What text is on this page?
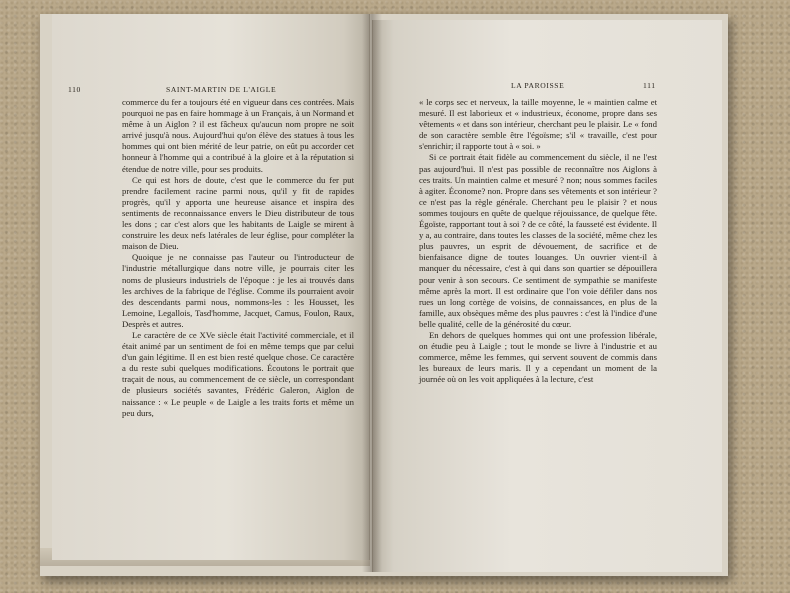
110	SAINT-MARTIN DE L'AIGLE

commerce du fer a toujours été en vigueur dans ces contrées. Mais pourquoi ne pas en faire hommage à un Français, à un Normand et même à un Aiglon ? il est fâcheux qu'aucun nom propre ne soit arrivé jusqu'à nous. Aujourd'hui qu'on élève des statues à tous les hommes qui ont bien mérité de leur patrie, on eût pu accorder cet honneur à l'homme qui a contribué à la gloire et à la réputation si étendue de notre ville, pour ses produits.

Ce qui est hors de doute, c'est que le commerce du fer put prendre facilement racine parmi nous, qu'il y fit de rapides progrès, qu'il y apporta une heureuse aisance et inspira des sentiments de reconnaissance envers le Dieu distributeur de tous les dons ; car c'est alors que les habitants de Laigle se mirent à construire les deux nefs latérales de leur église, pour compléter la maison de Dieu.

Quoique je ne connaisse pas l'auteur ou l'introducteur de l'industrie métallurgique dans notre ville, je pourrais citer les noms de plusieurs industriels de l'époque : je les ai trouvés dans les archives de la fabrique de l'église. Comme ils pourraient avoir des descendants parmi nous, nommons-les : les Housset, les Lemoine, Legallois, Tasd'homme, Jacquet, Camus, Foulon, Raux, Desprès et autres.

Le caractère de ce XVe siècle était l'activité commerciale, et il était animé par un sentiment de foi en même temps que par celui d'un gain légitime. Il en est bien resté quelque chose. Ce caractère a du reste subi quelques modifications. Écoutons le portrait que traçait de nous, au commencement de ce siècle, un correspondant de plusieurs sociétés savantes, Frédéric Galeron, Aiglon de naissance : « Le peuple « de Laigle a les traits forts et même un peu durs,

LA PAROISSE	111

« le corps sec et nerveux, la taille moyenne, le « maintien calme et mesuré. Il est laborieux et « industrieux, économe, propre dans ses vêtements « et dans son intérieur, cherchant peu le plaisir. Le « fond de son caractère semble être l'égoïsme; s'il « travaille, c'est pour s'enrichir; il rapporte tout à « soi. »

Si ce portrait était fidèle au commencement du siècle, il ne l'est pas aujourd'hui. Il n'est pas possible de reconnaître nos Aiglons à ces traits. Un maintien calme et mesuré ? non; nous sommes faciles à agiter. Économe? non. Propre dans ses vêtements et son intérieur ? ce n'est pas la règle générale. Cherchant peu le plaisir ? et nous sommes toujours en quête de quelque réjouissance, de quelque fête. Égoïste, rapportant tout à soi ? de ce côté, la fausseté est évidente. Il y a, au contraire, dans toutes les classes de la société, même chez les plus pauvres, un esprit de dévouement, de sacrifice et de bienfaisance digne de toutes louanges. Un ouvrier vient-il à manquer du nécessaire, c'est à qui dans son quartier se dépouillera pour venir à son secours. Ce sentiment de sympathie se manifeste même après la mort. Il est ordinaire que l'on voie défiler dans nos rues un long cortège de voisins, de connaissances, en plus de la famille, aux obsèques même des plus pauvres : c'est là l'indice d'une belle qualité, celle de la générosité du cœur.

En dehors de quelques hommes qui ont une profession libérale, on étudie peu à Laigle ; tout le monde se livre à l'industrie et au commerce, même les femmes, qui servent souvent de commis dans les bureaux de leurs maris. Il y a cependant un moment de la journée où on les voit appliquées à la lecture, c'est
